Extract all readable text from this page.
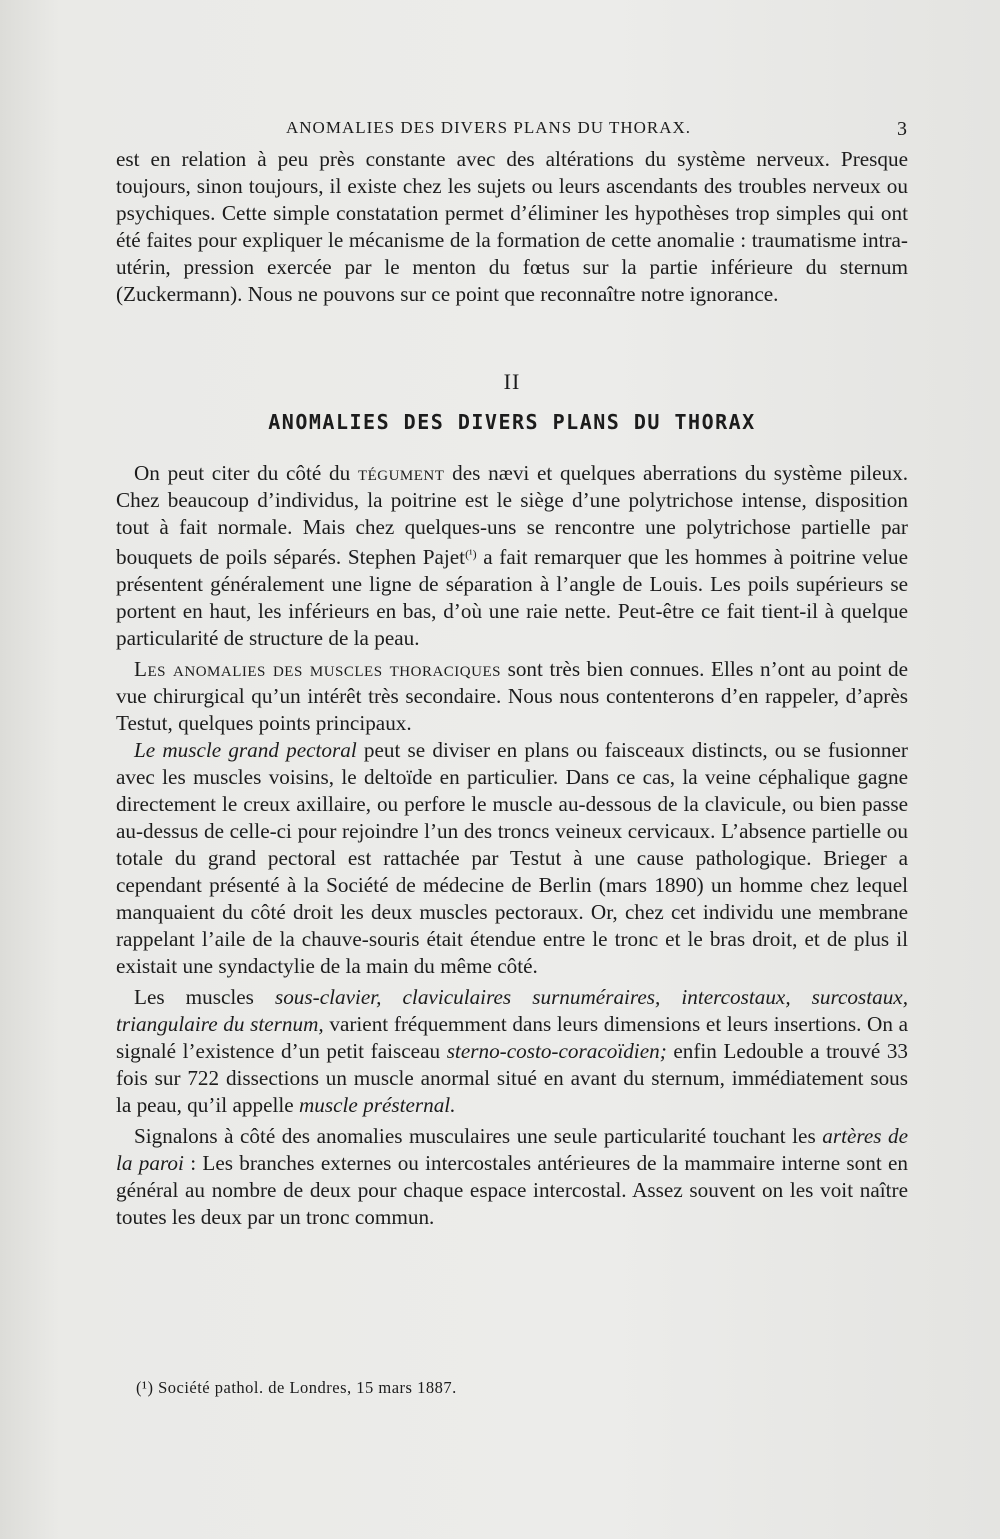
ANOMALIES DES DIVERS PLANS DU THORAX.	3

est en relation à peu près constante avec des altérations du système nerveux. Presque toujours, sinon toujours, il existe chez les sujets ou leurs ascendants des troubles nerveux ou psychiques. Cette simple constatation permet d’éliminer les hypothèses trop simples qui ont été faites pour expliquer le mécanisme de la formation de cette anomalie : traumatisme intra-utérin, pression exercée par le menton du fœtus sur la partie inférieure du sternum (Zuckermann). Nous ne pouvons sur ce point que reconnaître notre ignorance.

II

ANOMALIES DES DIVERS PLANS DU THORAX

On peut citer du côté du tégument des nævi et quelques aberrations du système pileux. Chez beaucoup d’individus, la poitrine est le siège d’une polytrichose intense, disposition tout à fait normale. Mais chez quelques-uns se rencontre une polytrichose partielle par bouquets de poils séparés. Stephen Pajet$^{(^1)}$ a fait remarquer que les hommes à poitrine velue présentent généralement une ligne de séparation à l’angle de Louis. Les poils supérieurs se portent en haut, les inférieurs en bas, d’où une raie nette. Peut-être ce fait tient-il à quelque particularité de structure de la peau.

Les anomalies des muscles thoraciques sont très bien connues. Elles n’ont au point de vue chirurgical qu’un intérêt très secondaire. Nous nous contenterons d’en rappeler, d’après Testut, quelques points principaux.

Le muscle grand pectoral peut se diviser en plans ou faisceaux distincts, ou se fusionner avec les muscles voisins, le deltoïde en particulier. Dans ce cas, la veine céphalique gagne directement le creux axillaire, ou perfore le muscle au-dessous de la clavicule, ou bien passe au-dessus de celle-ci pour rejoindre l’un des troncs veineux cervicaux. L’absence partielle ou totale du grand pectoral est rattachée par Testut à une cause pathologique. Brieger a cependant présenté à la Société de médecine de Berlin (mars 1890) un homme chez lequel manquaient du côté droit les deux muscles pectoraux. Or, chez cet individu une membrane rappelant l’aile de la chauve-souris était étendue entre le tronc et le bras droit, et de plus il existait une syndactylie de la main du même côté.

Les muscles sous-clavier, claviculaires surnuméraires, intercostaux, surcostaux, triangulaire du sternum, varient fréquemment dans leurs dimensions et leurs insertions. On a signalé l’existence d’un petit faisceau sterno-costo-coracoïdien; enfin Ledouble a trouvé 33 fois sur 722 dissections un muscle anormal situé en avant du sternum, immédiatement sous la peau, qu’il appelle muscle présternal.

Signalons à côté des anomalies musculaires une seule particularité touchant les artères de la paroi : Les branches externes ou intercostales antérieures de la mammaire interne sont en général au nombre de deux pour chaque espace intercostal. Assez souvent on les voit naître toutes les deux par un tronc commun.

(¹) Société pathol. de Londres, 15 mars 1887.
